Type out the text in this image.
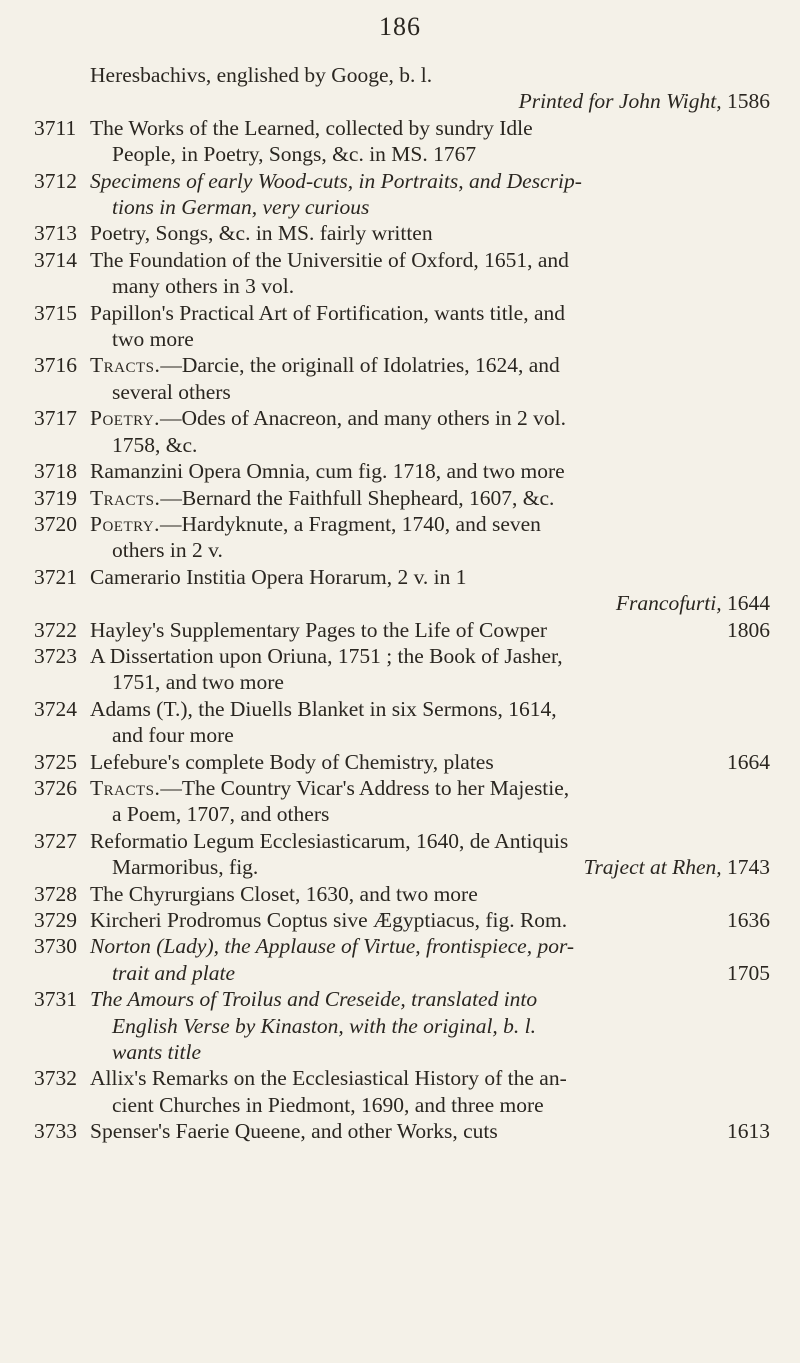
186
Heresbachivs, englished by Googe, b. l.
Printed for John Wight, 1586
3711 The Works of the Learned, collected by sundry Idle
People, in Poetry, Songs, &c. in MS. 1767
3712 Specimens of early Wood-cuts, in Portraits, and Descrip-
tions in German, very curious
3713 Poetry, Songs, &c. in MS. fairly written
3714 The Foundation of the Universitie of Oxford, 1651, and
many others in 3 vol.
3715 Papillon's Practical Art of Fortification, wants title, and
two more
3716 Tracts.—Darcie, the originall of Idolatries, 1624, and
several others
3717 Poetry.—Odes of Anacreon, and many others in 2 vol.
1758, &c.
3718 Ramanzini Opera Omnia, cum fig. 1718, and two more
3719 Tracts.—Bernard the Faithfull Shepheard, 1607, &c.
3720 Poetry.—Hardyknute, a Fragment, 1740, and seven
others in 2 v.
3721 Camerario Institia Opera Horarum, 2 v. in 1
Francofurti, 1644
3722 Hayley's Supplementary Pages to the Life of Cowper	1806
3723 A Dissertation upon Oriuna, 1751 ; the Book of Jasher,
1751, and two more
3724 Adams (T.), the Diuells Blanket in six Sermons, 1614,
and four more
3725 Lefebure's complete Body of Chemistry, plates	1664
3726 Tracts.—The Country Vicar's Address to her Majestie,
a Poem, 1707, and others
3727 Reformatio Legum Ecclesiasticarum, 1640, de Antiquis
Marmoribus, fig.	Traject at Rhen, 1743
3728 The Chyrurgians Closet, 1630, and two more
3729 Kircheri Prodromus Coptus sive Ægyptiacus, fig. Rom.	1636
3730 Norton (Lady), the Applause of Virtue, frontispiece, por-
trait and plate	1705
3731 The Amours of Troilus and Creseide, translated into
English Verse by Kinaston, with the original, b. l.
wants title
3732 Allix's Remarks on the Ecclesiastical History of the an-
cient Churches in Piedmont, 1690, and three more
3733 Spenser's Faerie Queene, and other Works, cuts	1613
